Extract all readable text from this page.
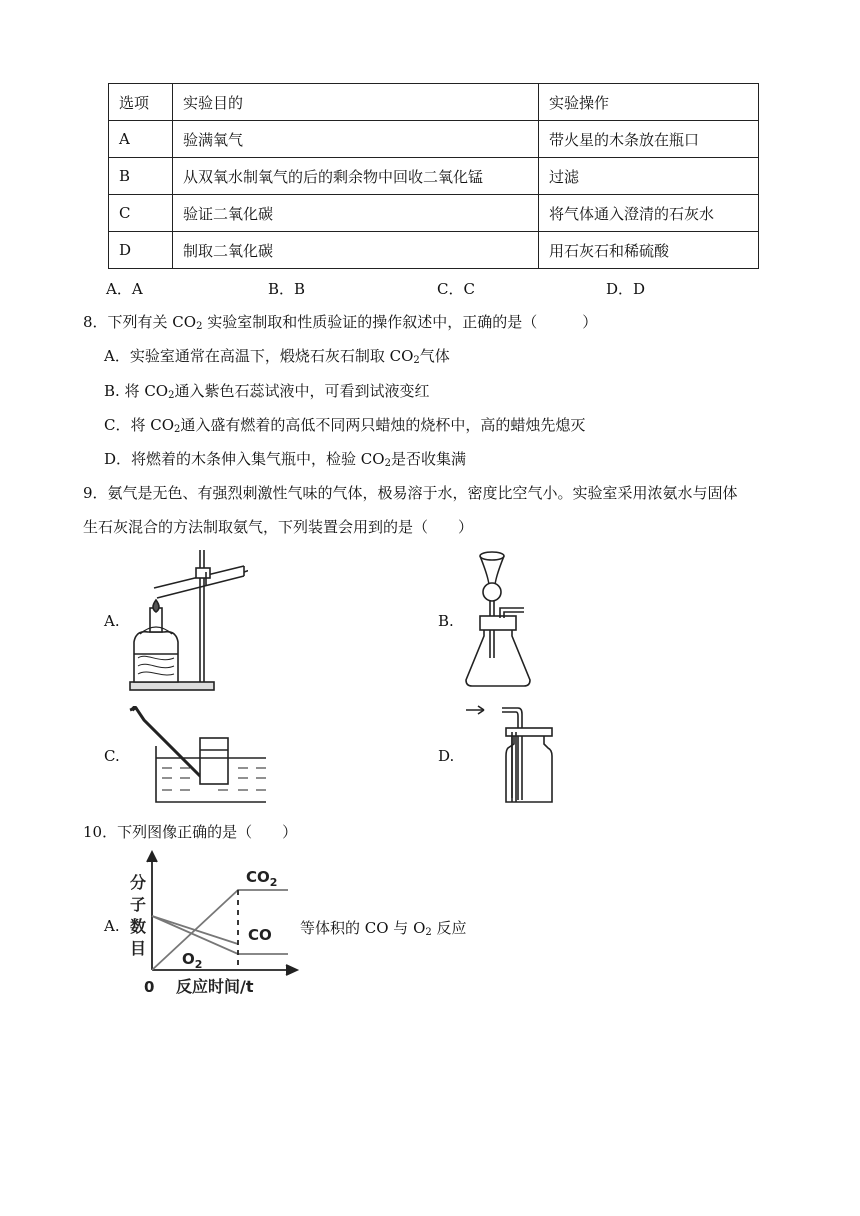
选项	实验目的	实验操作
A	验满氧气	带火星的木条放在瓶口
B	从双氧水制氧气的后的剩余物中回收二氧化锰	过滤
C	验证二氧化碳	将气体通入澄清的石灰水
D	制取二氧化碳	用石灰石和稀硫酸
A．A	B．B	C．C	D．D
8．下列有关 $CO_2$ 实验室制取和性质验证的操作叙述中，正确的是（　　　）
A．实验室通常在高温下，煅烧石灰石制取 $CO_2$气体
B. 将 $CO_2$通入紫色石蕊试液中，可看到试液变红
C．将 $CO_2$通入盛有燃着的高低不同两只蜡烛的烧杯中，高的蜡烛先熄灭
D．将燃着的木条伸入集气瓶中，检验 $CO_2$是否收集满
9．氨气是无色、有强烈刺激性气味的气体，极易溶于水，密度比空气小。实验室采用浓氨水与固体
生石灰混合的方法制取氨气，下列装置会用到的是（　　）
A.	B.
C.	D.
10．下列图像正确的是（　　）
A.	等体积的 CO 与 $O_2$ 反应
分
子
数
目
0 反应时间/t
$CO_2$
CO
$O_2$
